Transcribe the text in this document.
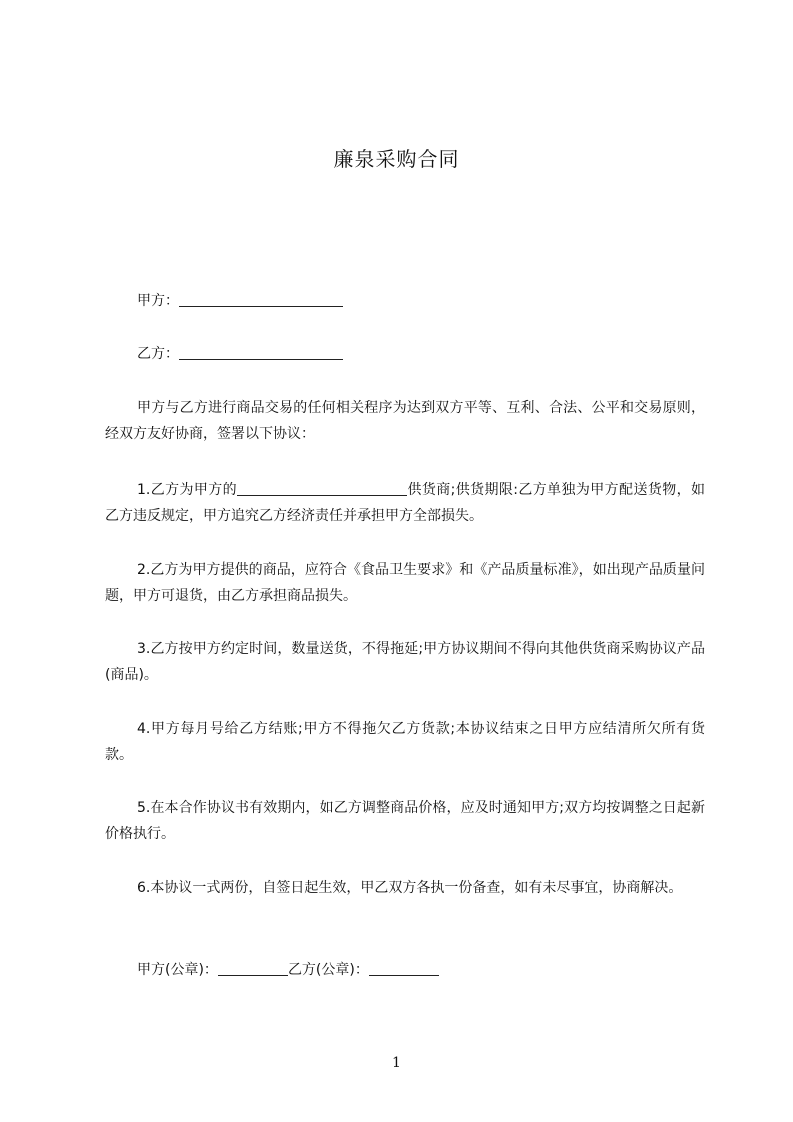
廉泉采购合同
甲方：
乙方：
甲方与乙方进行商品交易的任何相关程序为达到双方平等、互利、合法、公平和交易原则，经双方友好协商，签署以下协议：
1.乙方为甲方的	供货商;供货期限:乙方单独为甲方配送货物，如乙方违反规定，甲方追究乙方经济责任并承担甲方全部损失。
2.乙方为甲方提供的商品，应符合《食品卫生要求》和《产品质量标准》，如出现产品质量问题，甲方可退货，由乙方承担商品损失。
3.乙方按甲方约定时间，数量送货，不得拖延;甲方协议期间不得向其他供货商采购协议产品(商品)。
4.甲方每月号给乙方结账;甲方不得拖欠乙方货款;本协议结束之日甲方应结清所欠所有货款。
5.在本合作协议书有效期内，如乙方调整商品价格，应及时通知甲方;双方均按调整之日起新价格执行。
6.本协议一式两份，自签日起生效，甲乙双方各执一份备查，如有未尽事宜，协商解决。
甲方(公章)：	乙方(公章)：
1
